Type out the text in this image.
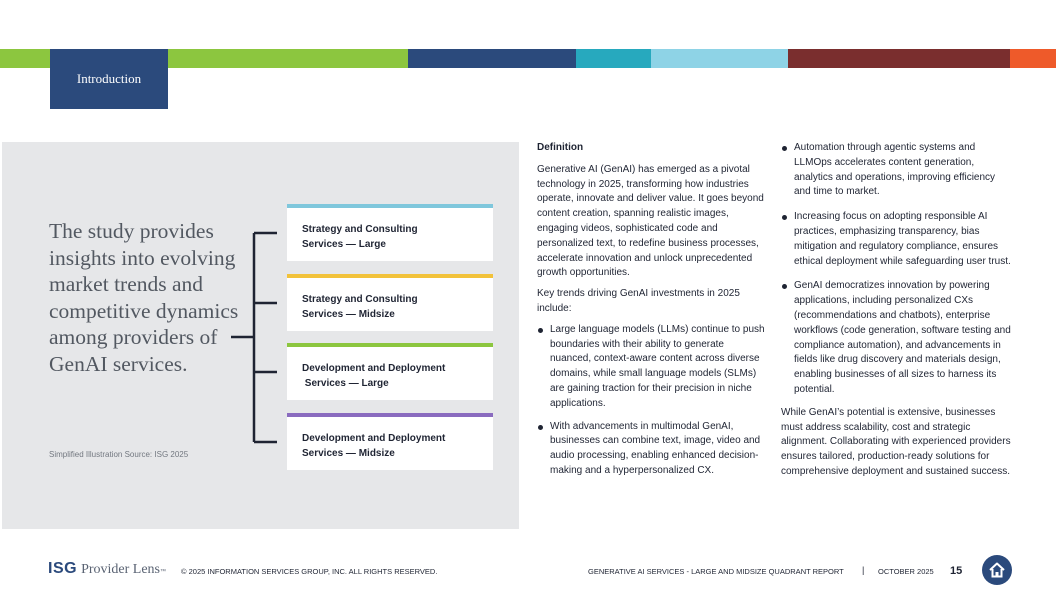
Introduction
The study provides insights into evolving market trends and competitive dynamics among providers of GenAI services.
Simplified Illustration Source: ISG 2025
Strategy and Consulting
Services — Large
Strategy and Consulting
Services — Midsize
Development and Deployment
Services — Large
Development and Deployment
Services — Midsize

Definition

Generative AI (GenAI) has emerged as a pivotal technology in 2025, transforming how industries operate, innovate and deliver value. It goes beyond content creation, spanning realistic images, engaging videos, sophisticated code and personalized text, to redefine business processes, accelerate innovation and unlock unprecedented growth opportunities.

Key trends driving GenAI investments in 2025 include:

Large language models (LLMs) continue to push boundaries with their ability to generate nuanced, context-aware content across diverse domains, while small language models (SLMs) are gaining traction for their precision in niche applications.
With advancements in multimodal GenAI, businesses can combine text, image, video and audio processing, enabling enhanced decision-making and a hyperpersonalized CX.
Automation through agentic systems and LLMOps accelerates content generation, analytics and operations, improving efficiency and time to market.
Increasing focus on adopting responsible AI practices, emphasizing transparency, bias mitigation and regulatory compliance, ensures ethical deployment while safeguarding user trust.
GenAI democratizes innovation by powering applications, including personalized CXs (recommendations and chatbots), enterprise workflows (code generation, software testing and compliance automation), and advancements in fields like drug discovery and materials design, enabling businesses of all sizes to harness its potential.

While GenAI’s potential is extensive, businesses must address scalability, cost and strategic alignment. Collaborating with experienced providers ensures tailored, production-ready solutions for comprehensive deployment and sustained success.

ISG Provider Lens ™ © 2025 INFORMATION SERVICES GROUP, INC. ALL RIGHTS RESERVED.	GENERATIVE AI SERVICES - LARGE AND MIDSIZE QUADRANT REPORT | OCTOBER 2025 15
